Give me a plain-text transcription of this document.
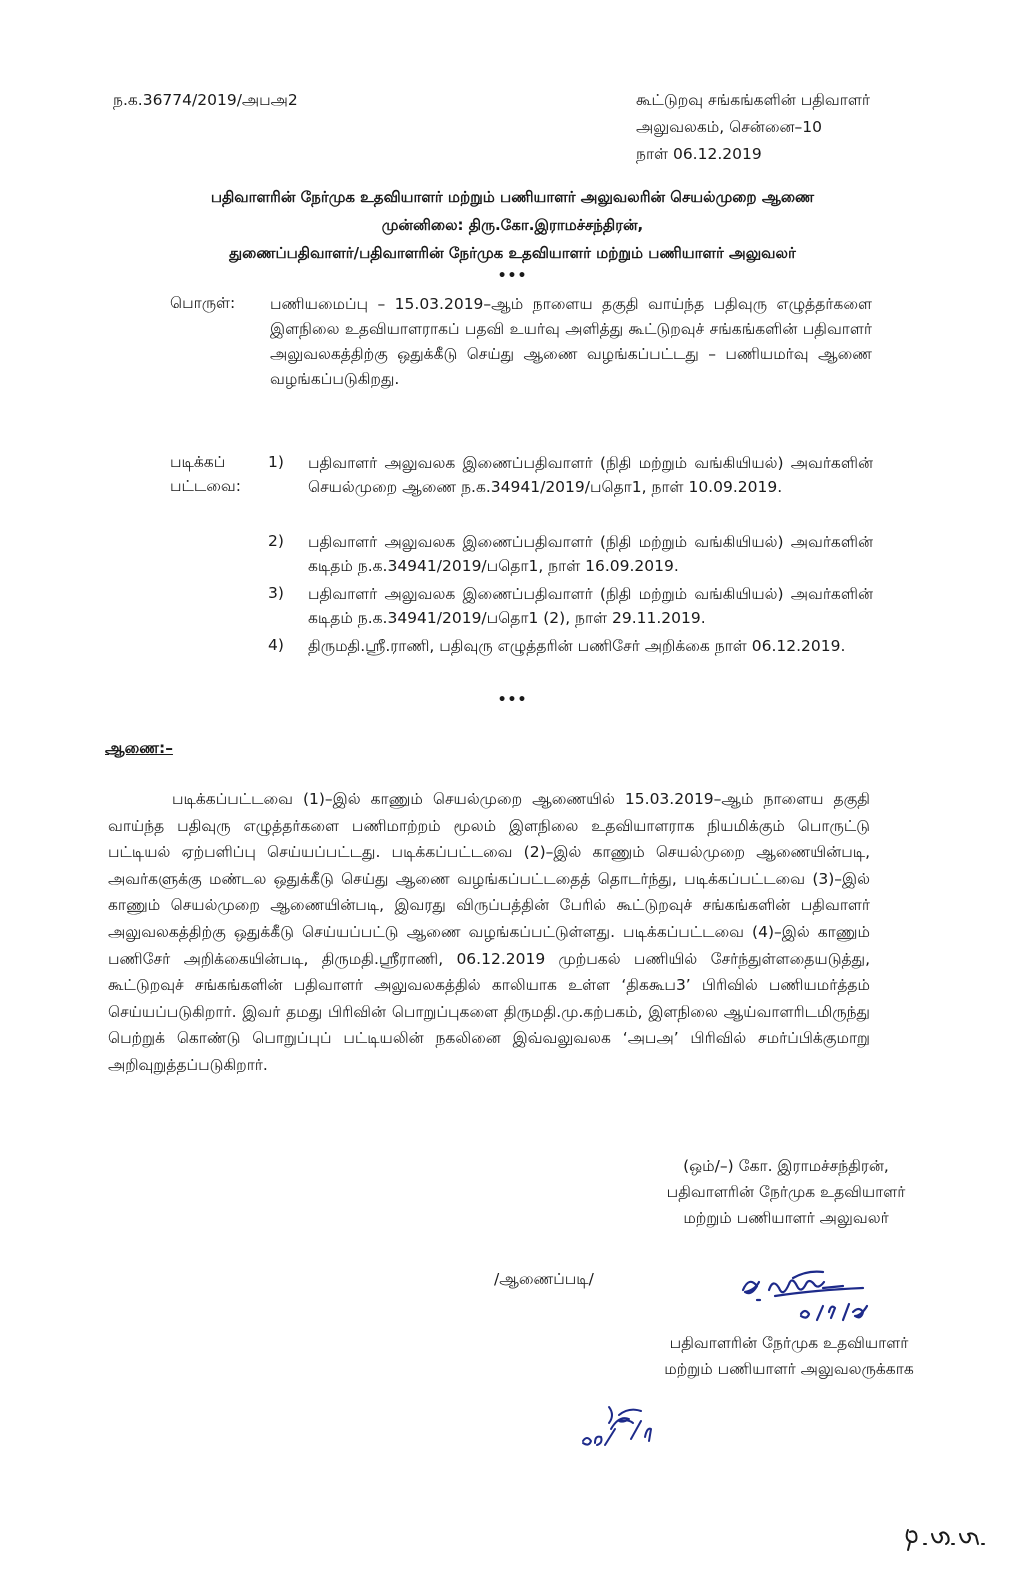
ந.க.36774/2019/அபஅ2	கூட்டுறவு சங்கங்களின் பதிவாளர்
அலுவலகம், சென்னை–10
நாள் 06.12.2019
பதிவாளரின் நேர்முக உதவியாளர் மற்றும் பணியாளர் அலுவலரின் செயல்முறை ஆணை
முன்னிலை: திரு.கோ.இராமச்சந்திரன்,
துணைப்பதிவாளர்/பதிவாளரின் நேர்முக உதவியாளர் மற்றும் பணியாளர் அலுவலர்
•••
பொருள்: பணியமைப்பு – 15.03.2019–ஆம் நாளைய தகுதி வாய்ந்த பதிவுரு எழுத்தர்களை இளநிலை உதவியாளராகப் பதவி உயர்வு அளித்து கூட்டுறவுச் சங்கங்களின் பதிவாளர் அலுவலகத்திற்கு ஒதுக்கீடு செய்து ஆணை வழங்கப்பட்டது – பணியமர்வு ஆணை வழங்கப்படுகிறது.
படிக்கப் பட்டவை:
1)	பதிவாளர் அலுவலக இணைப்பதிவாளர் (நிதி மற்றும் வங்கியியல்) அவர்களின் செயல்முறை ஆணை ந.க.34941/2019/பதொ1, நாள் 10.09.2019.
2)	பதிவாளர் அலுவலக இணைப்பதிவாளர் (நிதி மற்றும் வங்கியியல்) அவர்களின் கடிதம் ந.க.34941/2019/பதொ1, நாள் 16.09.2019.
3)	பதிவாளர் அலுவலக இணைப்பதிவாளர் (நிதி மற்றும் வங்கியியல்) அவர்களின் கடிதம் ந.க.34941/2019/பதொ1 (2), நாள் 29.11.2019.
4)	திருமதி.ஸ்ரீ.ராணி, பதிவுரு எழுத்தரின் பணிசேர் அறிக்கை நாள் 06.12.2019.
•••
ஆணை:–
படிக்கப்பட்டவை (1)–இல் காணும் செயல்முறை ஆணையில் 15.03.2019–ஆம் நாளைய தகுதி வாய்ந்த பதிவுரு எழுத்தர்களை பணிமாற்றம் மூலம் இளநிலை உதவியாளராக நியமிக்கும் பொருட்டு பட்டியல் ஏற்பளிப்பு செய்யப்பட்டது. படிக்கப்பட்டவை (2)–இல் காணும் செயல்முறை ஆணையின்படி, அவர்களுக்கு மண்டல ஒதுக்கீடு செய்து ஆணை வழங்கப்பட்டதைத் தொடர்ந்து, படிக்கப்பட்டவை (3)–இல் காணும் செயல்முறை ஆணையின்படி, இவரது விருப்பத்தின் பேரில் கூட்டுறவுச் சங்கங்களின் பதிவாளர் அலுவலகத்திற்கு ஒதுக்கீடு செய்யப்பட்டு ஆணை வழங்கப்பட்டுள்ளது. படிக்கப்பட்டவை (4)–இல் காணும் பணிசேர் அறிக்கையின்படி, திருமதி.ஸ்ரீராணி, 06.12.2019 முற்பகல் பணியில் சேர்ந்துள்ளதையடுத்து, கூட்டுறவுச் சங்கங்களின் பதிவாளர் அலுவலகத்தில் காலியாக உள்ள ‘திககூப3’ பிரிவில் பணியமர்த்தம் செய்யப்படுகிறார். இவர் தமது பிரிவின் பொறுப்புகளை திருமதி.மு.கற்பகம், இளநிலை ஆய்வாளரிடமிருந்து பெற்றுக் கொண்டு பொறுப்புப் பட்டியலின் நகலினை இவ்வலுவலக ‘அபஅ’ பிரிவில் சமர்ப்பிக்குமாறு அறிவுறுத்தப்படுகிறார்.
(ஒம்/–) கோ. இராமச்சந்திரன்,
பதிவாளரின் நேர்முக உதவியாளர்
மற்றும் பணியாளர் அலுவலர்
/ஆணைப்படி/
பதிவாளரின் நேர்முக உதவியாளர்
மற்றும் பணியாளர் அலுவலருக்காக
